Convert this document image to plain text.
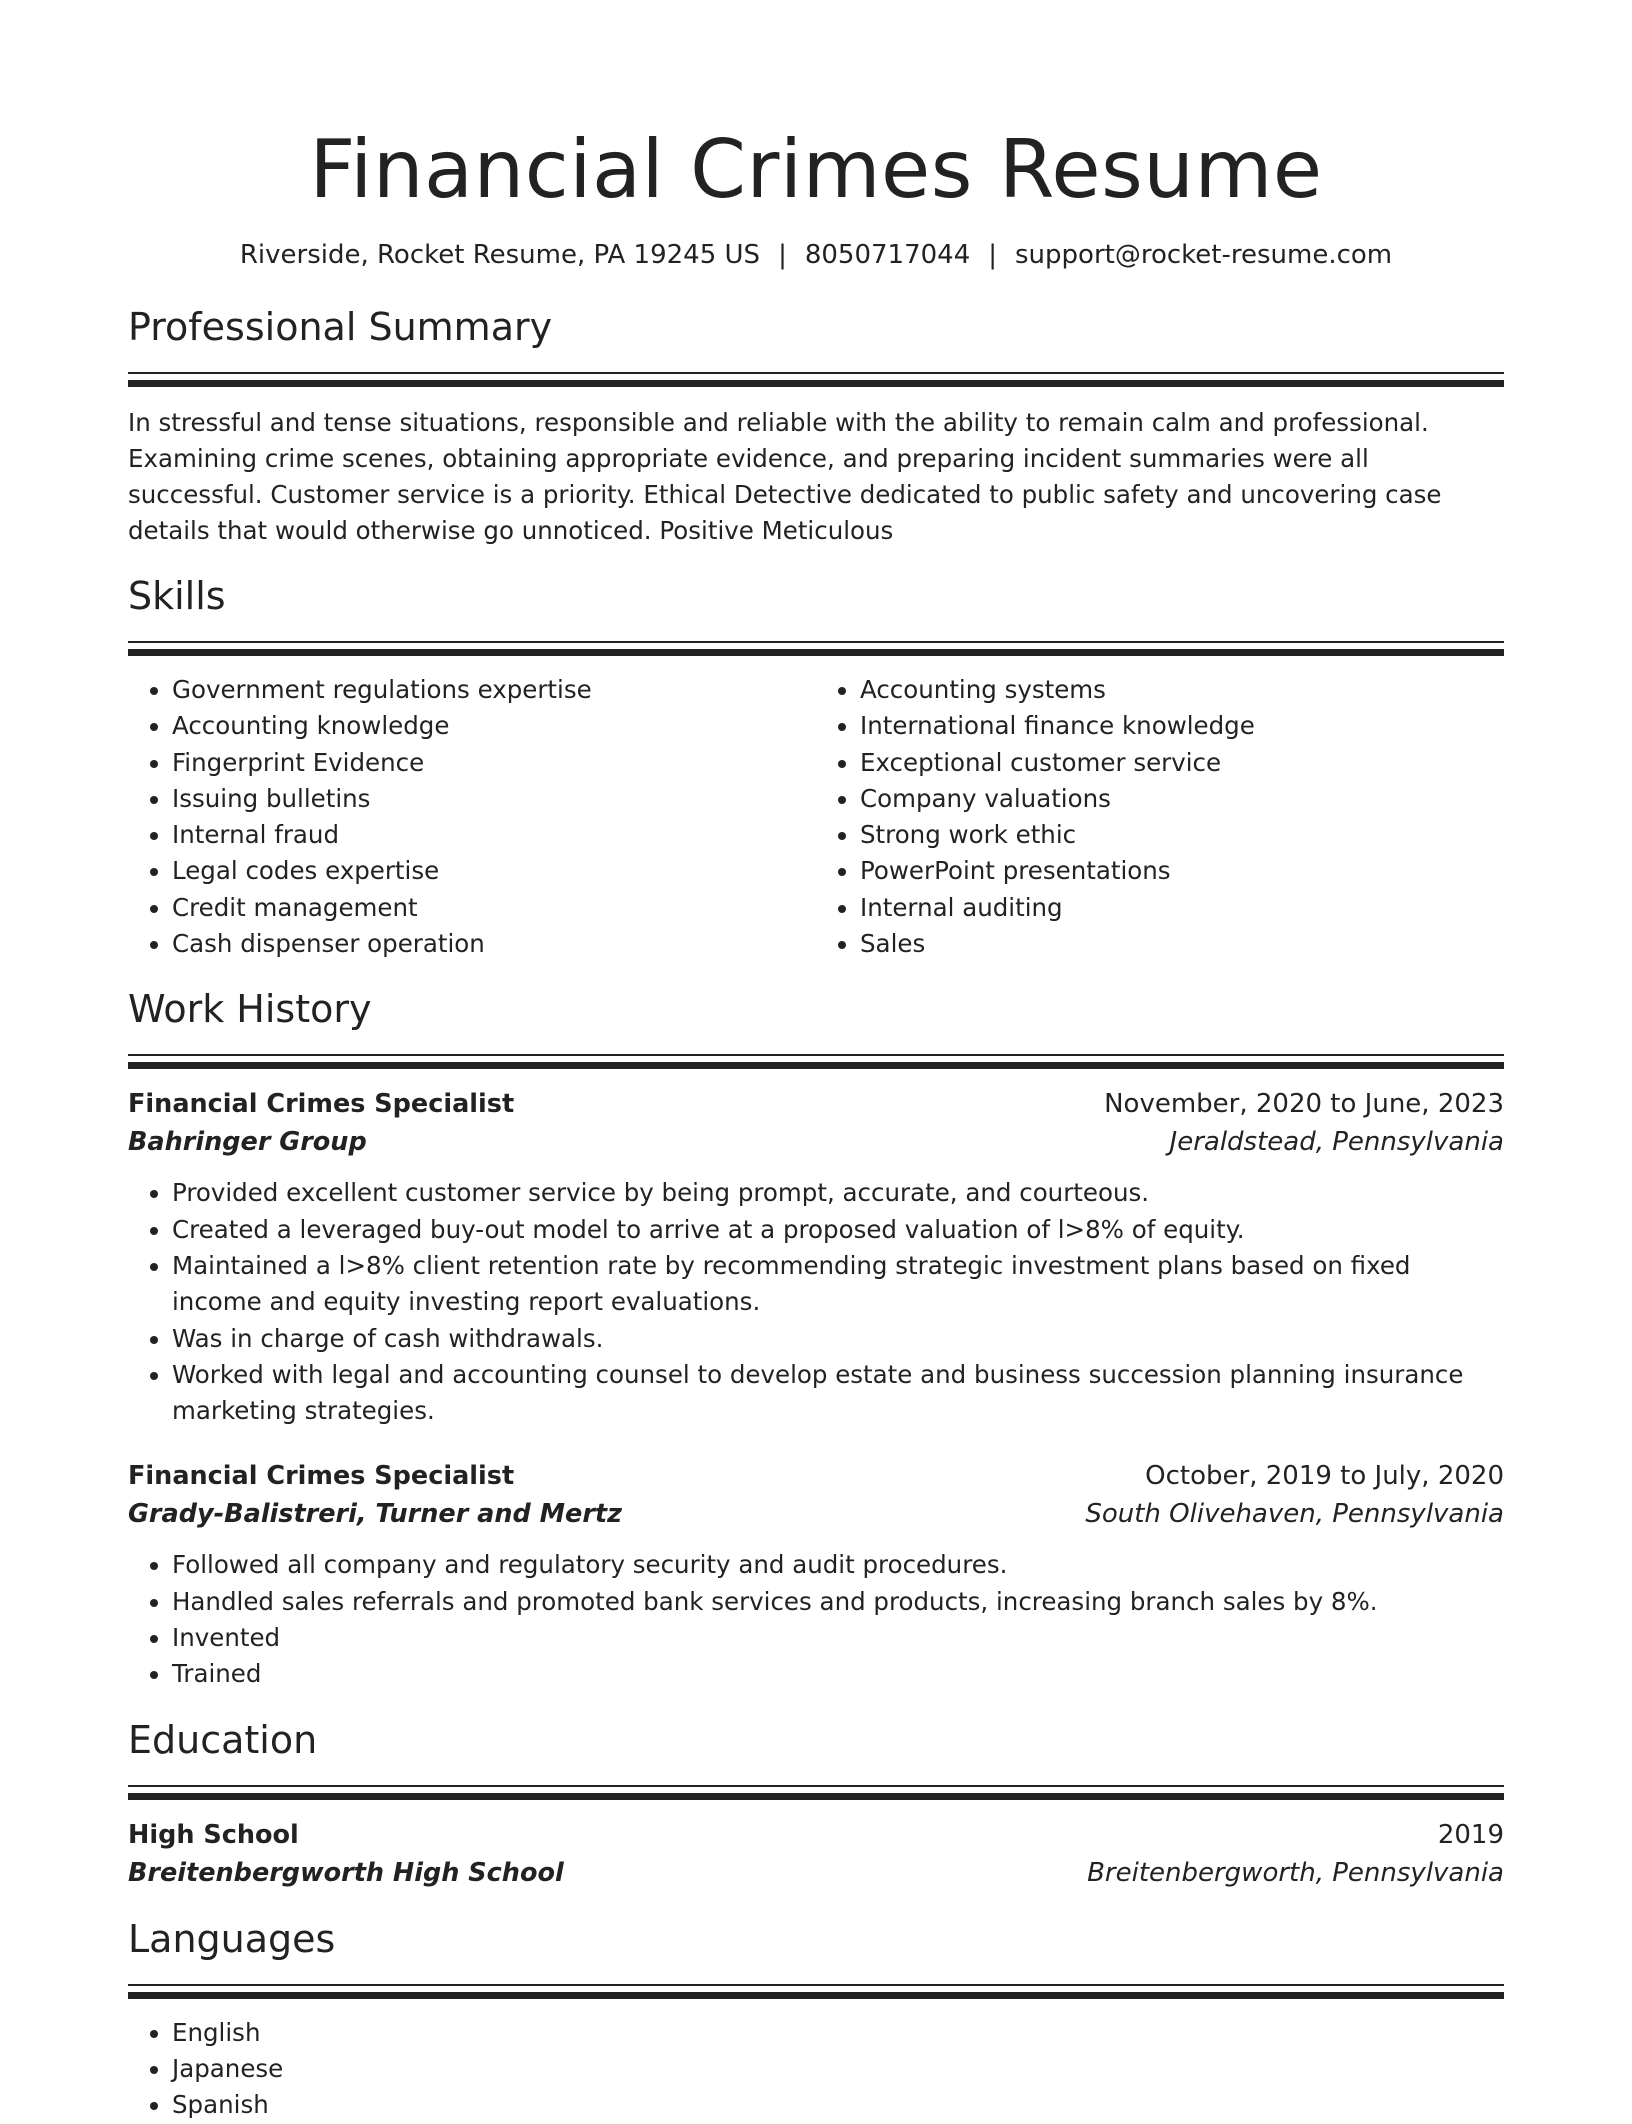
Financial Crimes Resume
Riverside, Rocket Resume, PA 19245 US | 8050717044 | support@rocket-resume.com
Professional Summary

In stressful and tense situations, responsible and reliable with the ability to remain calm and professional. Examining crime scenes, obtaining appropriate evidence, and preparing incident summaries were all successful. Customer service is a priority. Ethical Detective dedicated to public safety and uncovering case details that would otherwise go unnoticed. Positive Meticulous

Skills
• Government regulations expertise
• Accounting knowledge
• Fingerprint Evidence
• Issuing bulletins
• Internal fraud
• Legal codes expertise
• Credit management
• Cash dispenser operation
• Accounting systems
• International finance knowledge
• Exceptional customer service
• Company valuations
• Strong work ethic
• PowerPoint presentations
• Internal auditing
• Sales
Work History
Financial Crimes Specialist	November, 2020 to June, 2023
Bahringer Group	Jeraldstead, Pennsylvania
• Provided excellent customer service by being prompt, accurate, and courteous.
• Created a leveraged buy-out model to arrive at a proposed valuation of l>8% of equity.
• Maintained a l>8% client retention rate by recommending strategic investment plans based on fixed income and equity investing report evaluations.
• Was in charge of cash withdrawals.
• Worked with legal and accounting counsel to develop estate and business succession planning insurance marketing strategies.
Financial Crimes Specialist	October, 2019 to July, 2020
Grady-Balistreri, Turner and Mertz	South Olivehaven, Pennsylvania
• Followed all company and regulatory security and audit procedures.
• Handled sales referrals and promoted bank services and products, increasing branch sales by 8%.
• Invented
• Trained
Education
High School	2019
Breitenbergworth High School	Breitenbergworth, Pennsylvania
Languages
• English
• Japanese
• Spanish
